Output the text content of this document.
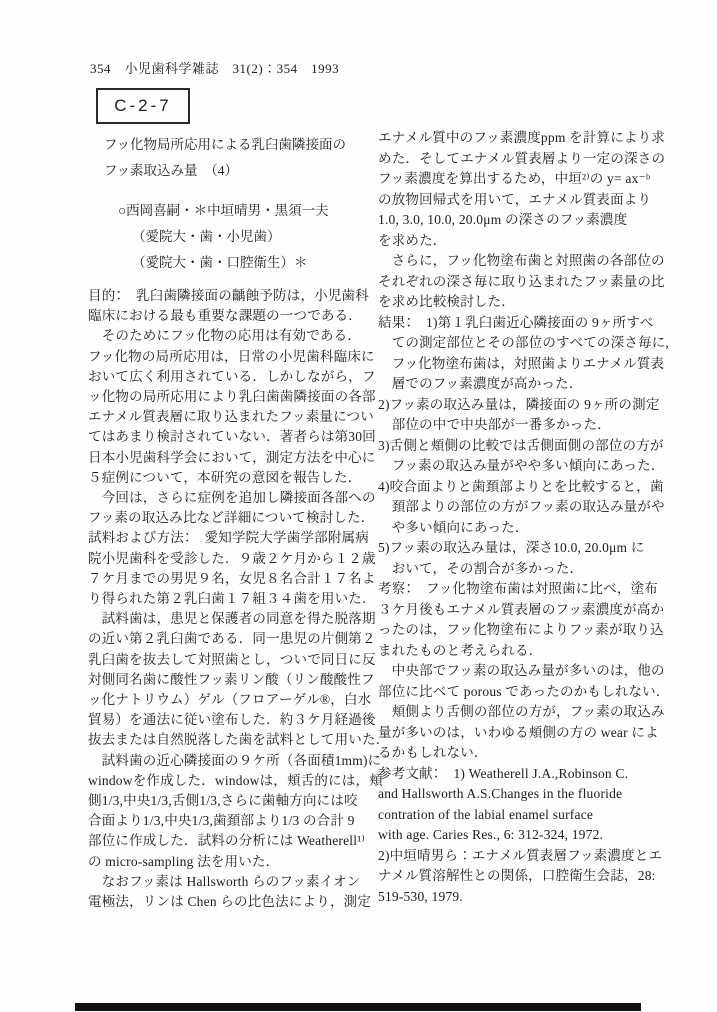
354　小児歯科学雑誌　31(2)：354　1993
C-2-7
フッ化物局所応用による乳臼歯隣接面の
フッ素取込み量　（4）
○西岡喜嗣・＊中垣晴男・黒須一夫
（愛院大・歯・小児歯）
（愛院大・歯・口腔衛生）＊
目的：　乳臼歯隣接面の齲蝕予防は，小児歯科
臨床における最も重要な課題の一つである．
　そのためにフッ化物の応用は有効である．
フッ化物の局所応用は，日常の小児歯科臨床に
おいて広く利用されている．しかしながら，フ
ッ化物の局所応用により乳臼歯歯隣接面の各部
エナメル質表層に取り込まれたフッ素量につい
てはあまり検討されていない．著者らは第30回
日本小児歯科学会において，測定方法を中心に
５症例について，本研究の意図を報告した．
　今回は，さらに症例を追加し隣接面各部への
フッ素の取込み比など詳細について検討した．
試料および方法：　愛知学院大学歯学部附属病
院小児歯科を受診した．９歳２ケ月から１２歳
７ケ月までの男児９名，女児８名合計１７名よ
り得られた第２乳臼歯１７組３４歯を用いた．
　試料歯は，患児と保護者の同意を得た脱落期
の近い第２乳臼歯である．同一患児の片側第２
乳臼歯を抜去して対照歯とし，ついで同日に反
対側同名歯に酸性フッ素リン酸（リン酸酸性フ
ッ化ナトリウム）ゲル（フロアーゲル®，白水
貿易）を通法に従い塗布した．約３ケ月経過後
抜去または自然脱落した歯を試料として用いた．
　試料歯の近心隣接面の９ケ所（各面積1mm)に
windowを作成した．windowは，頬舌的には，頬
側1/3,中央1/3,舌側1/3,さらに歯軸方向には咬
合面より1/3,中央1/3,歯頚部より1/3 の合計 9
部位に作成した．試料の分析には Weatherell¹⁾
の micro-sampling 法を用いた．
　なおフッ素は Hallsworth らのフッ素イオン
電極法，リンは Chen らの比色法により，測定
エナメル質中のフッ素濃度ppm を計算により求
めた．そしてエナメル質表層より一定の深さの
フッ素濃度を算出するため，中垣²⁾の y= ax⁻ᵇ
の放物回帰式を用いて，エナメル質表面より
1.0, 3.0, 10.0, 20.0μm の深さのフッ素濃度
を求めた．
　さらに，フッ化物塗布歯と対照歯の各部位の
それぞれの深さ毎に取り込まれたフッ素量の比
を求め比較検討した．
結果：　1)第１乳臼歯近心隣接面の 9ヶ所すべ
　ての測定部位とその部位のすべての深さ毎に,
　フッ化物塗布歯は，対照歯よりエナメル質表
　層でのフッ素濃度が高かった．
2)フッ素の取込み量は，隣接面の 9ヶ所の測定
　部位の中で中央部が一番多かった．
3)舌側と頬側の比較では舌側面側の部位の方が
　フッ素の取込み量がやや多い傾向にあった．
4)咬合面よりと歯頚部よりとを比較すると，歯
　頚部よりの部位の方がフッ素の取込み量がや
　や多い傾向にあった．
5)フッ素の取込み量は，深さ10.0, 20.0μm に
　おいて，その割合が多かった．
考察：　フッ化物塗布歯は対照歯に比べ，塗布
３ケ月後もエナメル質表層のフッ素濃度が高か
ったのは，フッ化物塗布によりフッ素が取り込
まれたものと考えられる．
　中央部でフッ素の取込み量が多いのは，他の
部位に比べて porous であったのかもしれない．
　頬側より舌側の部位の方が，フッ素の取込み
量が多いのは，いわゆる頬側の方の wear によ
るかもしれない．
参考文献：　1) Weatherell J.A.,Robinson C.
and Hallsworth A.S.Changes in the fluoride
contration of the labial enamel surface
with age. Caries Res., 6: 312-324, 1972.
2)中垣晴男ら：エナメル質表層フッ素濃度とエ
ナメル質溶解性との関係，口腔衛生会誌，28:
519-530, 1979.
